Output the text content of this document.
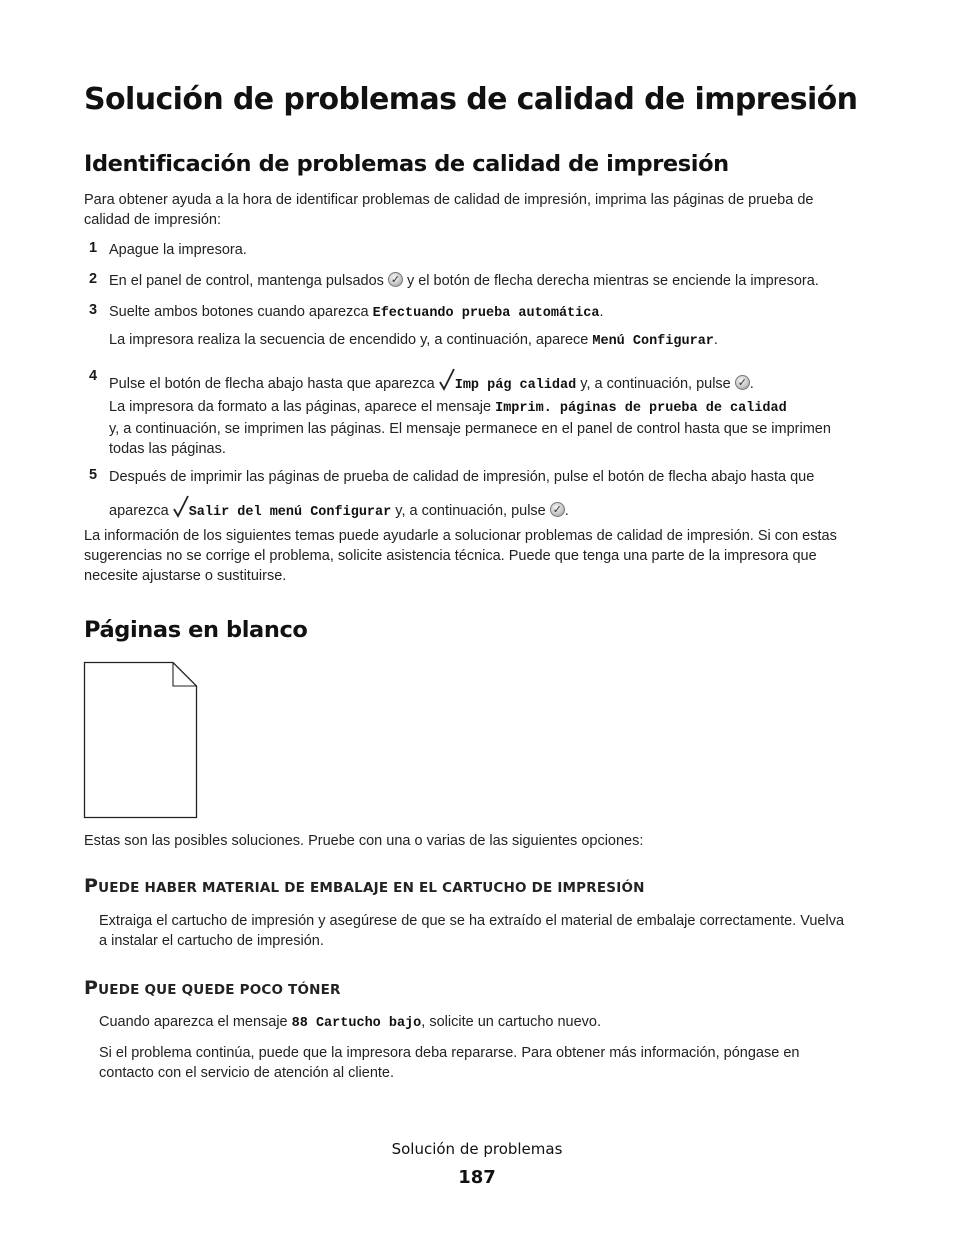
Solución de problemas de calidad de impresión
Identificación de problemas de calidad de impresión
Para obtener ayuda a la hora de identificar problemas de calidad de impresión, imprima las páginas de prueba de
calidad de impresión:
1 Apague la impresora.
2 En el panel de control, mantenga pulsados ✓ y el botón de flecha derecha mientras se enciende la impresora.
3 Suelte ambos botones cuando aparezca Efectuando prueba automática.
La impresora realiza la secuencia de encendido y, a continuación, aparece Menú Configurar.
4 Pulse el botón de flecha abajo hasta que aparezca Imp pág calidad y, a continuación, pulse ✓ .
La impresora da formato a las páginas, aparece el mensaje Imprim. páginas de prueba de calidad
y, a continuación, se imprimen las páginas. El mensaje permanece en el panel de control hasta que se imprimen
todas las páginas.
5 Después de imprimir las páginas de prueba de calidad de impresión, pulse el botón de flecha abajo hasta que
aparezca Salir del menú Configurar y, a continuación, pulse ✓ .
La información de los siguientes temas puede ayudarle a solucionar problemas de calidad de impresión. Si con estas
sugerencias no se corrige el problema, solicite asistencia técnica. Puede que tenga una parte de la impresora que
necesite ajustarse o sustituirse.
Páginas en blanco
Estas son las posibles soluciones. Pruebe con una o varias de las siguientes opciones:
PUEDE HABER MATERIAL DE EMBALAJE EN EL CARTUCHO DE IMPRESIÓN
Extraiga el cartucho de impresión y asegúrese de que se ha extraído el material de embalaje correctamente. Vuelva
a instalar el cartucho de impresión.
PUEDE QUE QUEDE POCO TÓNER
Cuando aparezca el mensaje 88 Cartucho bajo, solicite un cartucho nuevo.
Si el problema continúa, puede que la impresora deba repararse. Para obtener más información, póngase en
contacto con el servicio de atención al cliente.
Solución de problemas
187
